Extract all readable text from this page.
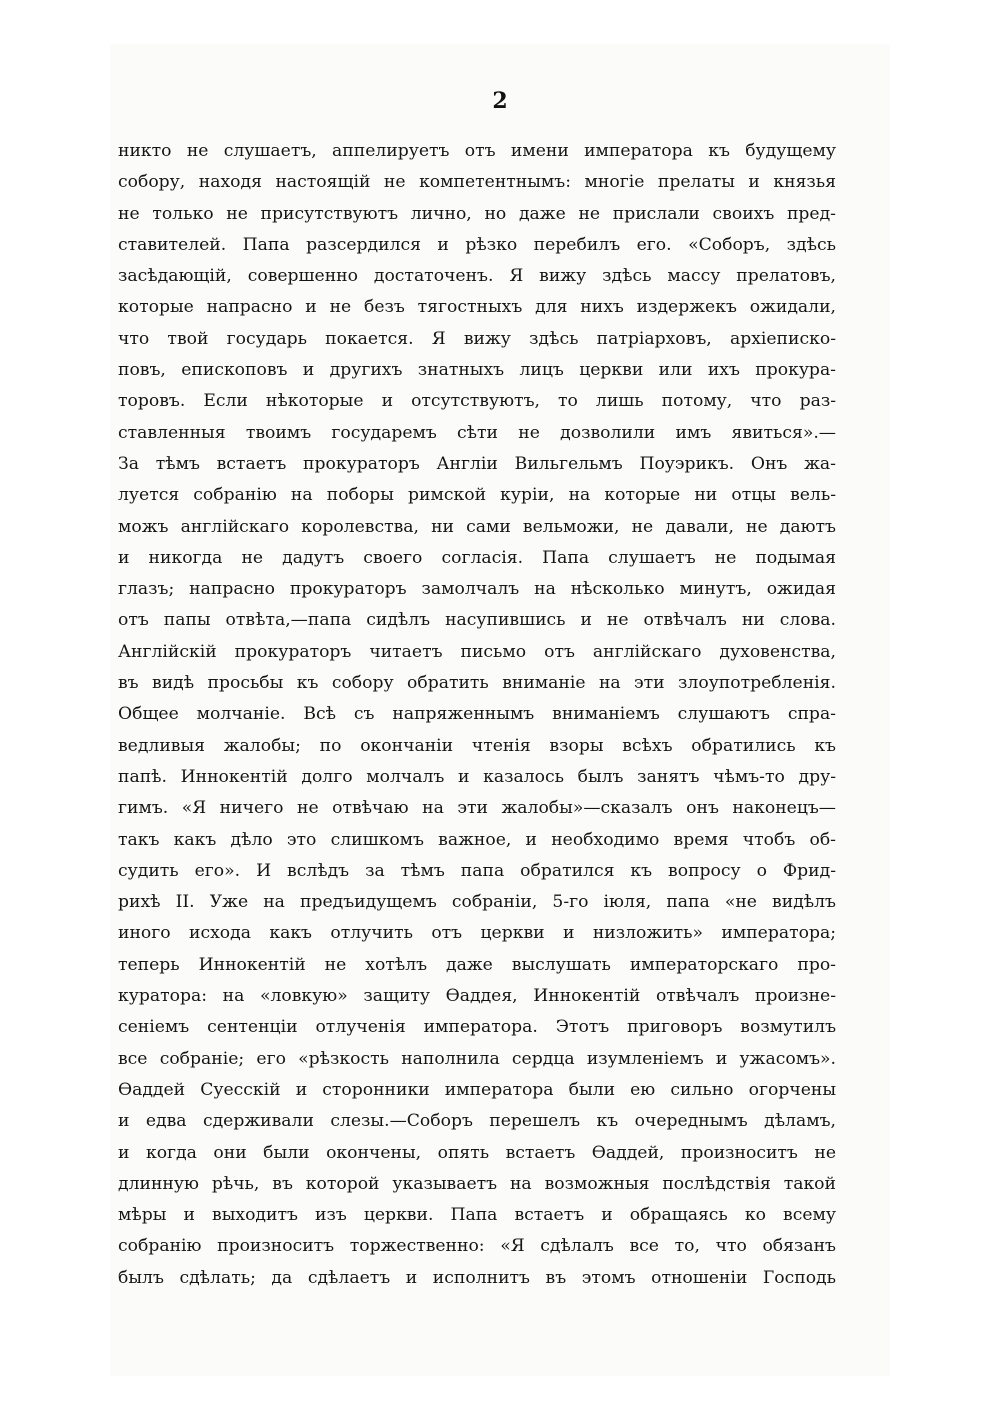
2
никто не слушаетъ, аппелируетъ отъ имени императора къ будущему
собору, находя настоящій не компетентнымъ: многіе прелаты и князья
не только не присутствуютъ лично, но даже не прислали своихъ пред-
ставителей. Папа разсердился и рѣзко перебилъ его. «Соборъ, здѣсь
засѣдающій, совершенно достаточенъ. Я вижу здѣсь массу прелатовъ,
которые напрасно и не безъ тягостныхъ для нихъ издержекъ ожидали,
что твой государь покается. Я вижу здѣсь патріарховъ, архіеписко-
повъ, епископовъ и другихъ знатныхъ лицъ церкви или ихъ прокура-
торовъ. Если нѣкоторые и отсутствуютъ, то лишь потому, что раз-
ставленныя твоимъ государемъ сѣти не дозволили имъ явиться».—
За тѣмъ встаетъ прокураторъ Англіи Вильгельмъ Поуэрикъ. Онъ жа-
луется собранію на поборы римской куріи, на которые ни отцы вель-
можъ англійскаго королевства, ни сами вельможи, не давали, не даютъ
и никогда не дадутъ своего согласія. Папа слушаетъ не подымая
глазъ; напрасно прокураторъ замолчалъ на нѣсколько минутъ, ожидая
отъ папы отвѣта,—папа сидѣлъ насупившись и не отвѣчалъ ни слова.
Англійскій прокураторъ читаетъ письмо отъ англійскаго духовенства,
въ видѣ просьбы къ собору обратить вниманіе на эти злоупотребленія.
Общее молчаніе. Всѣ съ напряженнымъ вниманіемъ слушаютъ спра-
ведливыя жалобы; по окончаніи чтенія взоры всѣхъ обратились къ
папѣ. Иннокентій долго молчалъ и казалось былъ занятъ чѣмъ-то дру-
гимъ. «Я ничего не отвѣчаю на эти жалобы»—сказалъ онъ наконецъ—
такъ какъ дѣло это слишкомъ важное, и необходимо время чтобъ об-
судить его». И вслѣдъ за тѣмъ папа обратился къ вопросу о Фрид-
рихѣ II. Уже на предъидущемъ собраніи, 5-го іюля, папа «не видѣлъ
иного исхода какъ отлучить отъ церкви и низложить» императора;
теперь Иннокентій не хотѣлъ даже выслушать императорскаго про-
куратора: на «ловкую» защиту Ѳаддея, Иннокентій отвѣчалъ произне-
сеніемъ сентенціи отлученія императора. Этотъ приговоръ возмутилъ
все собраніе; его «рѣзкость наполнила сердца изумленіемъ и ужасомъ».
Ѳаддей Суесскій и сторонники императора были ею сильно огорчены
и едва сдерживали слезы.—Соборъ перешелъ къ очереднымъ дѣламъ,
и когда они были окончены, опять встаетъ Ѳаддей, произноситъ не
длинную рѣчь, въ которой указываетъ на возможныя послѣдствія такой
мѣры и выходитъ изъ церкви. Папа встаетъ и обращаясь ко всему
собранію произноситъ торжественно: «Я сдѣлалъ все то, что обязанъ
былъ сдѣлать; да сдѣлаетъ и исполнитъ въ этомъ отношеніи Господь
